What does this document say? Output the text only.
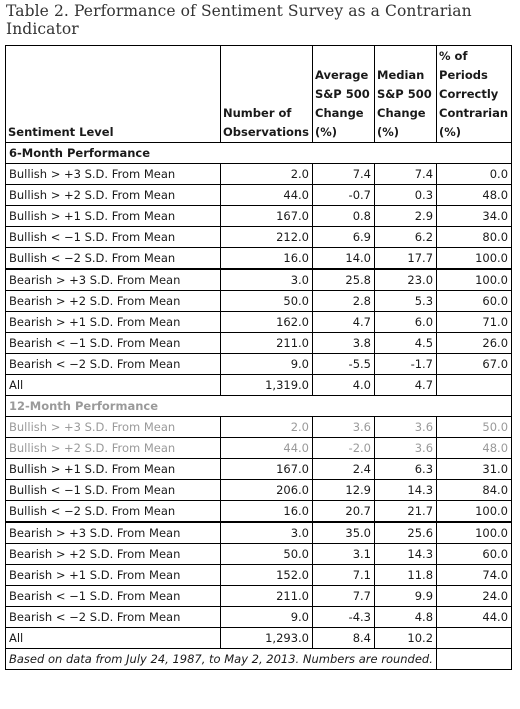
Table 2. Performance of Sentiment Survey as a Contrarian Indicator
Sentiment Level	Number of Observations	Average S&P 500 Change (%)	Median S&P 500 Change (%)	% of Periods Correctly Contrarian (%)
6-Month Performance				
Bullish > +3 S.D. From Mean	2.0	7.4	7.4	0.0
Bullish > +2 S.D. From Mean	44.0	-0.7	0.3	48.0
Bullish > +1 S.D. From Mean	167.0	0.8	2.9	34.0
Bullish < −1 S.D. From Mean	212.0	6.9	6.2	80.0
Bullish < −2 S.D. From Mean	16.0	14.0	17.7	100.0
Bearish > +3 S.D. From Mean	3.0	25.8	23.0	100.0
Bearish > +2 S.D. From Mean	50.0	2.8	5.3	60.0
Bearish > +1 S.D. From Mean	162.0	4.7	6.0	71.0
Bearish < −1 S.D. From Mean	211.0	3.8	4.5	26.0
Bearish < −2 S.D. From Mean	9.0	-5.5	-1.7	67.0
All	1,319.0	4.0	4.7	
12-Month Performance				
Bullish > +3 S.D. From Mean	2.0	3.6	3.6	50.0
Bullish > +2 S.D. From Mean	44.0	-2.0	3.6	48.0
Bullish > +1 S.D. From Mean	167.0	2.4	6.3	31.0
Bullish < −1 S.D. From Mean	206.0	12.9	14.3	84.0
Bullish < −2 S.D. From Mean	16.0	20.7	21.7	100.0
Bearish > +3 S.D. From Mean	3.0	35.0	25.6	100.0
Bearish > +2 S.D. From Mean	50.0	3.1	14.3	60.0
Bearish > +1 S.D. From Mean	152.0	7.1	11.8	74.0
Bearish < −1 S.D. From Mean	211.0	7.7	9.9	24.0
Bearish < −2 S.D. From Mean	9.0	-4.3	4.8	44.0
All	1,293.0	8.4	10.2	
Based on data from July 24, 1987, to May 2, 2013. Numbers are rounded.				
